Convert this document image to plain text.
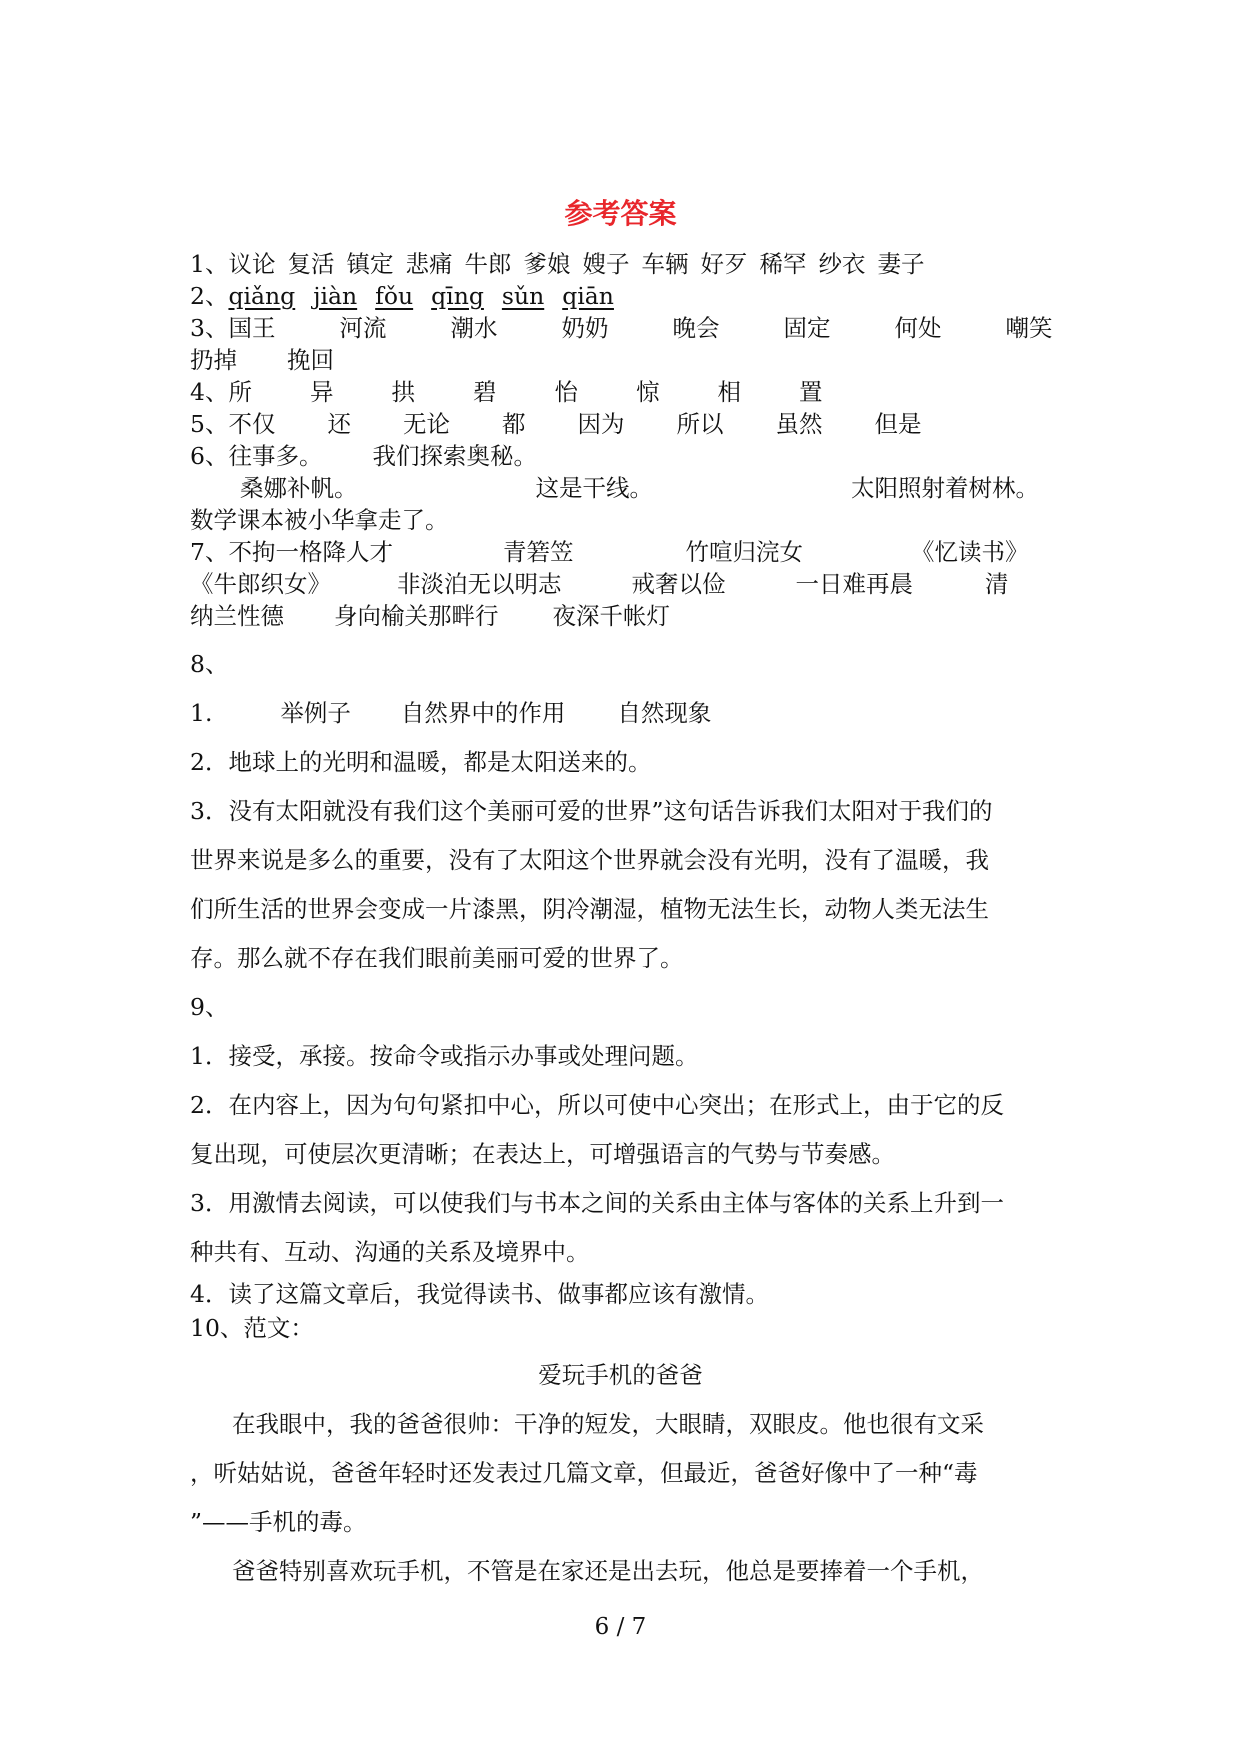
参考答案
1、议论 复活 镇定 悲痛 牛郎 爹娘 嫂子 车辆 好歹 稀罕 纱衣 妻子
2、qiǎng jiàn fǒu qīng sǔn qiān
3、国王	河流	潮水	奶奶	晚会	固定	何处	嘲笑
扔掉 挽回
4、所 异 拱 碧 怡 惊 相 置
5、不仅 还 无论 都 因为 所以 虽然 但是
6、往事多。 我们探索奥秘。
桑娜补帆。	这是干线。	太阳照射着树林。
数学课本被小华拿走了。
7、不拘一格降人才	青箬笠	竹喧归浣女	《忆读书》
《牛郎织女》	非淡泊无以明志	戒奢以俭	一日难再晨	清
纳兰性德 身向榆关那畔行 夜深千帐灯
8、
1.	举例子 自然界中的作用 自然现象
2．地球上的光明和温暖，都是太阳送来的。
3．没有太阳就没有我们这个美丽可爱的世界”这句话告诉我们太阳对于我们的
世界来说是多么的重要，没有了太阳这个世界就会没有光明，没有了温暖，我
们所生活的世界会变成一片漆黑，阴冷潮湿，植物无法生长，动物人类无法生
存。那么就不存在我们眼前美丽可爱的世界了。
9、
1．接受，承接。按命令或指示办事或处理问题。
2．在内容上，因为句句紧扣中心，所以可使中心突出；在形式上，由于它的反
复出现，可使层次更清晰；在表达上，可增强语言的气势与节奏感。
3．用激情去阅读，可以使我们与书本之间的关系由主体与客体的关系上升到一
种共有、互动、沟通的关系及境界中。
4．读了这篇文章后，我觉得读书、做事都应该有激情。
10、范文：
爱玩手机的爸爸
在我眼中，我的爸爸很帅：干净的短发，大眼睛，双眼皮。他也很有文采
，听姑姑说，爸爸年轻时还发表过几篇文章，但最近，爸爸好像中了一种“毒
”——手机的毒。
爸爸特别喜欢玩手机，不管是在家还是出去玩，他总是要捧着一个手机，
6 / 7
